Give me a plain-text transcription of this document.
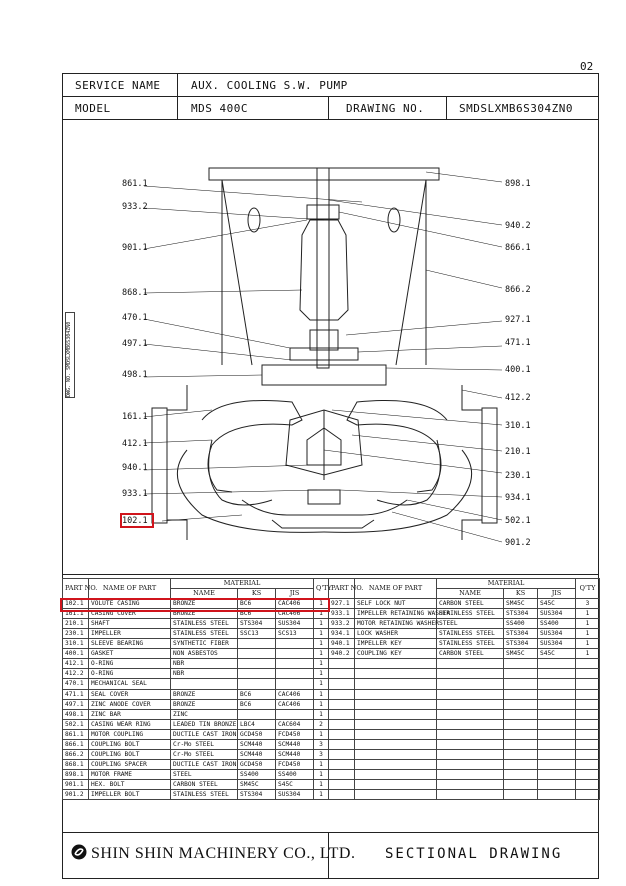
02
SERVICE NAME	AUX. COOLING S.W. PUMP
MODEL	MDS 400C	DRAWING NO.	SMDSLXMB6S304ZN0
SHIN SHIN MACHINERY CO., LTD. SECTIONAL DRAWING
DWG. NO. SMDSLXMB6S304ZN0
861.1
933.2
901.1
868.1
470.1
497.1
498.1
161.1
412.1
940.1
933.1
102.1
898.1
940.2
866.1
866.2
927.1
471.1
400.1
412.2
310.1
210.1
230.1
934.1
502.1
901.2
PART NO.	NAME OF PART	MATERIAL			Q'TY
		NAME	KS	JIS	
102.1	VOLUTE CASING	BRONZE	BC6	CAC406	1
161.1	CASING COVER	BRONZE	BC6	CAC406	1
210.1	SHAFT	STAINLESS STEEL	STS304	SUS304	1
230.1	IMPELLER	STAINLESS STEEL	SSC13	SCS13	1
310.1	SLEEVE BEARING	SYNTHETIC FIBER			1
400.1	GASKET	NON ASBESTOS			1
412.1	O-RING	NBR			1
412.2	O-RING	NBR			1
470.1	MECHANICAL SEAL				1
471.1	SEAL COVER	BRONZE	BC6	CAC406	1
497.1	ZINC ANODE COVER	BRONZE	BC6	CAC406	1
498.1	ZINC BAR	ZINC			1
502.1	CASING WEAR RING	LEADED TIN BRONZE	LBC4	CAC604	2
861.1	MOTOR COUPLING	DUCTILE CAST IRON	GCD450	FCD450	1
866.1	COUPLING BOLT	Cr-Mo STEEL	SCM440	SCM440	3
866.2	COUPLING BOLT	Cr-Mo STEEL	SCM440	SCM440	3
868.1	COUPLING SPACER	DUCTILE CAST IRON	GCD450	FCD450	1
898.1	MOTOR FRAME	STEEL	SS400	SS400	1
901.1	HEX. BOLT	CARBON STEEL	SM45C	S45C	1
901.2	IMPELLER BOLT	STAINLESS STEEL	STS304	SUS304	1
PART NO.	NAME OF PART	MATERIAL			Q'TY
		NAME	KS	JIS	
927.1	SELF LOCK NUT	CARBON STEEL	SM45C	S45C	3
933.1	IMPELLER RETAINING WASHER	STAINLESS STEEL	STS304	SUS304	1
933.2	MOTOR RETAINING WASHER	STEEL	SS400	SS400	1
934.1	LOCK WASHER	STAINLESS STEEL	STS304	SUS304	1
940.1	IMPELLER KEY	STAINLESS STEEL	STS304	SUS304	1
940.2	COUPLING KEY	CARBON STEEL	SM45C	S45C	1
